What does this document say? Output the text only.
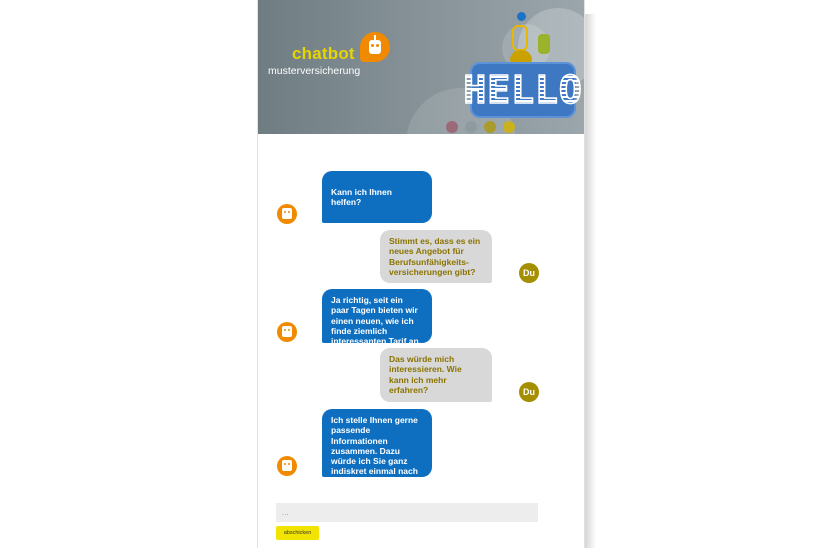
chatbot
musterversicherung	HELLO
Kann ich Ihnen helfen?
Stimmt es, dass es ein neues Angebot für Berufsunfähigkeits-versicherungen gibt?	Du
Ja richtig, seit ein paar Tagen bieten wir einen neuen, wie ich finde ziemlich interessanten Tarif an.
Das würde mich interessieren. Wie kann ich mehr erfahren?	Du
Ich stelle Ihnen gerne passende Informationen zusammen. Dazu würde ich Sie ganz indiskret einmal nach Ihrem Alter fragen wollen.
...
abschicken
